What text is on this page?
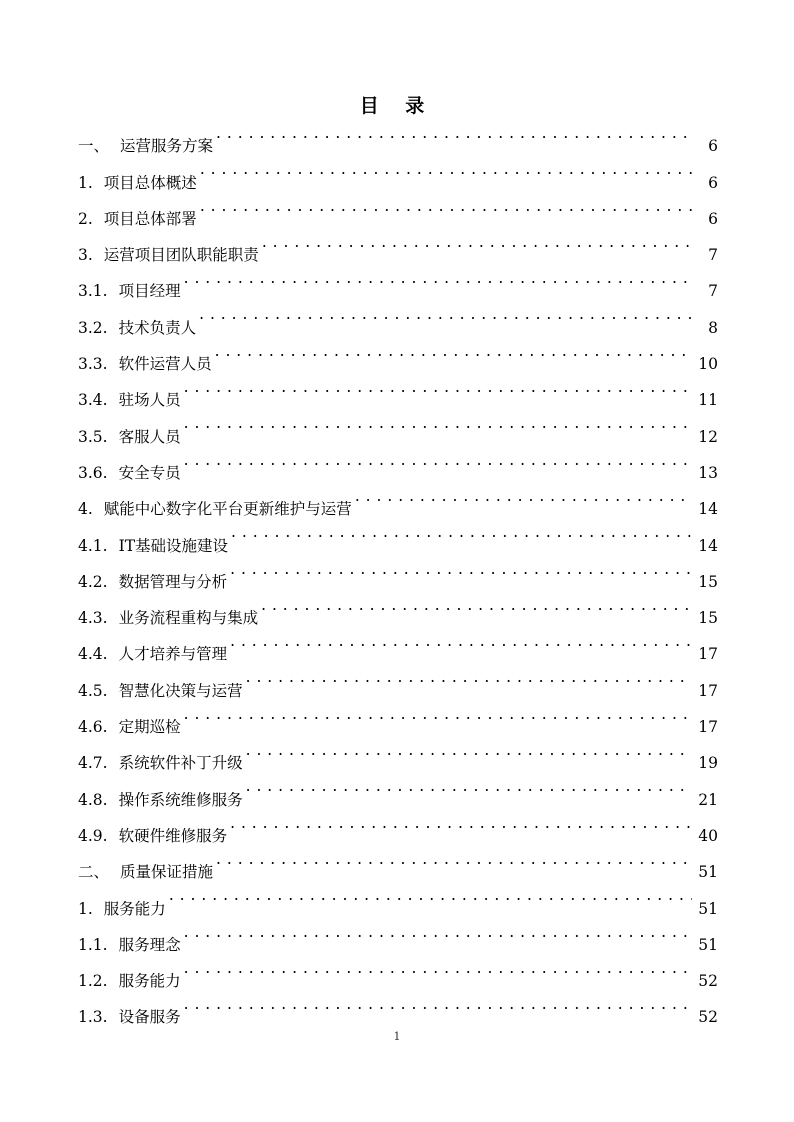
目 录
一、 运营服务方案 . . .	6
1. 项目总体概述 . . .	6
2. 项目总体部署 . . .	6
3. 运营项目团队职能职责 . . .	7
3.1. 项目经理 . . .	7
3.2. 技术负责人 . . .	8
3.3. 软件运营人员 . . .	10
3.4. 驻场人员 . . .	11
3.5. 客服人员 . . .	12
3.6. 安全专员 . . .	13
4. 赋能中心数字化平台更新维护与运营 . . .	14
4.1. IT基础设施建设 . . .	14
4.2. 数据管理与分析 . . .	15
4.3. 业务流程重构与集成 . . .	15
4.4. 人才培养与管理 . . .	17
4.5. 智慧化决策与运营 . . .	17
4.6. 定期巡检 . . .	17
4.7. 系统软件补丁升级 . . .	19
4.8. 操作系统维修服务 . . .	21
4.9. 软硬件维修服务 . . .	40
二、 质量保证措施 . . .	51
1. 服务能力 . . .	51
1.1. 服务理念 . . .	51
1.2. 服务能力 . . .	52
1.3. 设备服务 . . .	52
1
